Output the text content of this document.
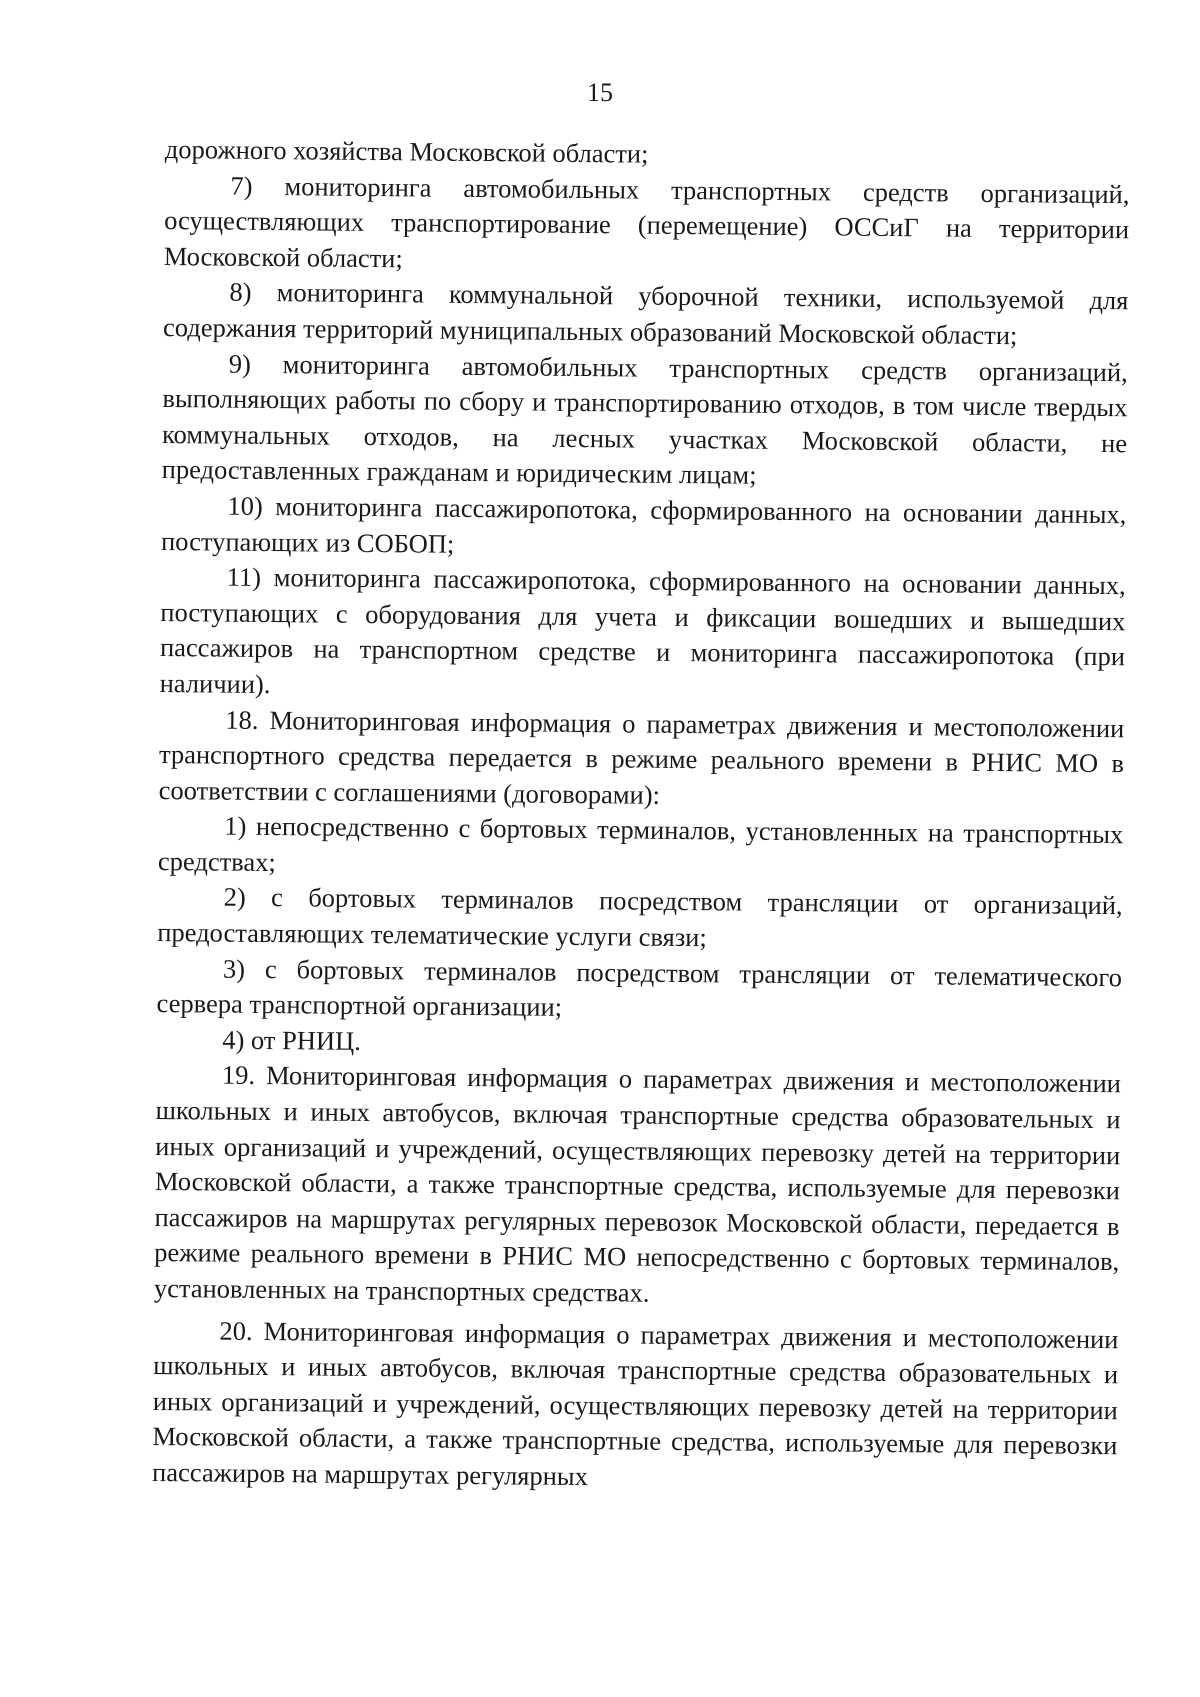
15

дорожного хозяйства Московской области;

7) мониторинга автомобильных транспортных средств организаций, осуществляющих транспортирование (перемещение) ОССиГ на территории Московской области;

8) мониторинга коммунальной уборочной техники, используемой для содержания территорий муниципальных образований Московской области;

9) мониторинга автомобильных транспортных средств организаций, выполняющих работы по сбору и транспортированию отходов, в том числе твердых коммунальных отходов, на лесных участках Московской области, не предоставленных гражданам и юридическим лицам;

10) мониторинга пассажиропотока, сформированного на основании данных, поступающих из СОБОП;

11) мониторинга пассажиропотока, сформированного на основании данных, поступающих с оборудования для учета и фиксации вошедших и вышедших пассажиров на транспортном средстве и мониторинга пассажиропотока (при наличии).

18. Мониторинговая информация о параметрах движения и местоположении транспортного средства передается в режиме реального времени в РНИС МО в соответствии с соглашениями (договорами):

1) непосредственно с бортовых терминалов, установленных на транспортных средствах;

2) с бортовых терминалов посредством трансляции от организаций, предоставляющих телематические услуги связи;

3) с бортовых терминалов посредством трансляции от телематического сервера транспортной организации;

4) от РНИЦ.

19. Мониторинговая информация о параметрах движения и местоположении школьных и иных автобусов, включая транспортные средства образовательных и иных организаций и учреждений, осуществляющих перевозку детей на территории Московской области, а также транспортные средства, используемые для перевозки пассажиров на маршрутах регулярных перевозок Московской области, передается в режиме реального времени в РНИС МО непосредственно с бортовых терминалов, установленных на транспортных средствах.

20. Мониторинговая информация о параметрах движения и местоположении школьных и иных автобусов, включая транспортные средства образовательных и иных организаций и учреждений, осуществляющих перевозку детей на территории Московской области, а также транспортные средства, используемые для перевозки пассажиров на маршрутах регулярных
